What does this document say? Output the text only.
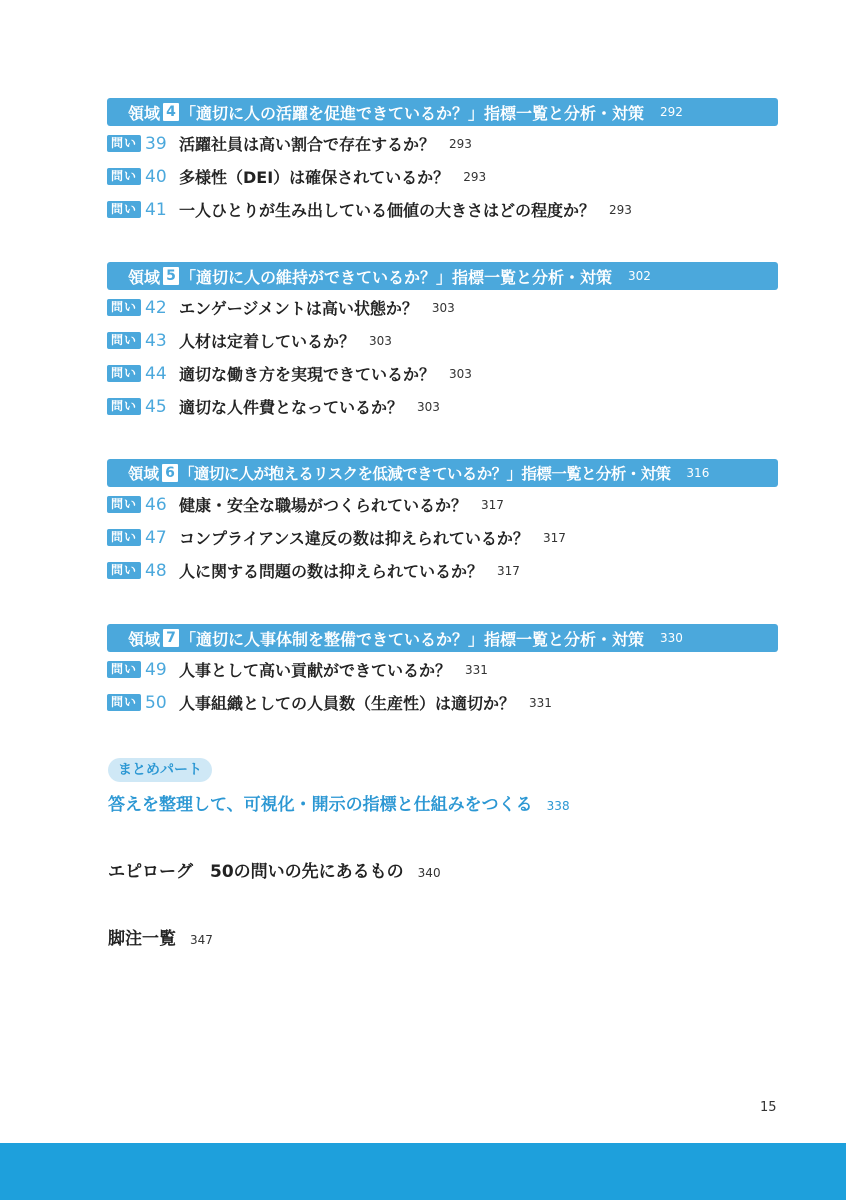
領域 4 「適切に人の活躍を促進できているか？」指標一覧と分析・対策 292
問い 39 活躍社員は高い割合で存在するか？ 293
問い 40 多様性（DEI）は確保されているか？ 293
問い 41 一人ひとりが生み出している価値の大きさはどの程度か？ 293
領域 5 「適切に人の維持ができているか？」指標一覧と分析・対策 302
問い 42 エンゲージメントは高い状態か？ 303
問い 43 人材は定着しているか？ 303
問い 44 適切な働き方を実現できているか？ 303
問い 45 適切な人件費となっているか？ 303
領域 6 「適切に人が抱えるリスクを低減できているか？」指標一覧と分析・対策 316
問い 46 健康・安全な職場がつくられているか？ 317
問い 47 コンプライアンス違反の数は抑えられているか？ 317
問い 48 人に関する問題の数は抑えられているか？ 317
領域 7 「適切に人事体制を整備できているか？」指標一覧と分析・対策 330
問い 49 人事として高い貢献ができているか？ 331
問い 50 人事組織としての人員数（生産性）は適切か？ 331
まとめパート
答えを整理して、可視化・開示の指標と仕組みをつくる 338
エピローグ　50の問いの先にあるもの 340
脚注一覧 347
15
